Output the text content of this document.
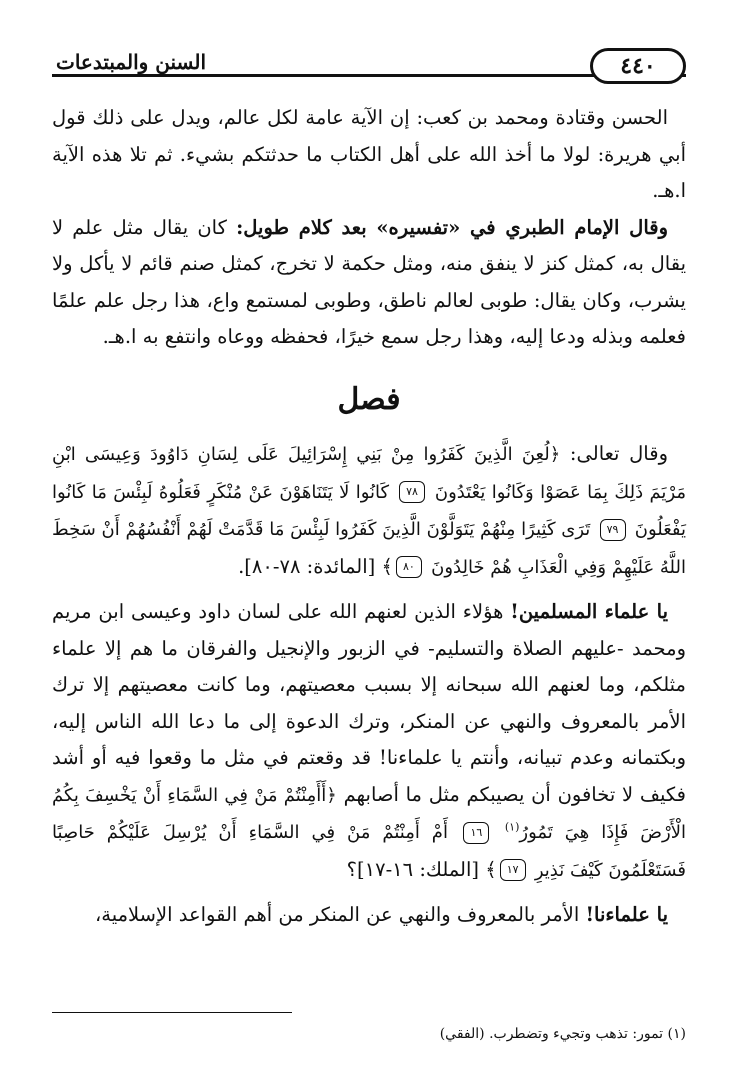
السنن والمبتدعات	٤٤٠

الحسن وقتادة ومحمد بن كعب: إن الآية عامة لكل عالم، ويدل على ذلك قول أبي هريرة: لولا ما أخذ الله على أهل الكتاب ما حدثتكم بشيء. ثم تلا هذه الآية ا.هـ.

وقال الإمام الطبري في «تفسيره» بعد كلام طويل: كان يقال مثل علم لا يقال به، كمثل كنز لا ينفق منه، ومثل حكمة لا تخرج، كمثل صنم قائم لا يأكل ولا يشرب، وكان يقال: طوبى لعالم ناطق، وطوبى لمستمع واع، هذا رجل علم علمًا فعلمه وبذله ودعا إليه، وهذا رجل سمع خيرًا، فحفظه ووعاه وانتفع به ا.هـ.

فصل

وقال تعالى: ﴿لُعِنَ الَّذِينَ كَفَرُوا مِنْ بَنِي إِسْرَائِيلَ عَلَى لِسَانِ دَاوُودَ وَعِيسَى ابْنِ مَرْيَمَ ذَلِكَ بِمَا عَصَوْا وَكَانُوا يَعْتَدُونَ ٧٨ كَانُوا لَا يَتَنَاهَوْنَ عَنْ مُنْكَرٍ فَعَلُوهُ لَبِئْسَ مَا كَانُوا يَفْعَلُونَ ٧٩ تَرَى كَثِيرًا مِنْهُمْ يَتَوَلَّوْنَ الَّذِينَ كَفَرُوا لَبِئْسَ مَا قَدَّمَتْ لَهُمْ أَنْفُسُهُمْ أَنْ سَخِطَ اللَّهُ عَلَيْهِمْ وَفِي الْعَذَابِ هُمْ خَالِدُونَ ٨٠﴾ [المائدة: ٧٨-٨٠].

يا علماء المسلمين! هؤلاء الذين لعنهم الله على لسان داود وعيسى ابن مريم ومحمد -عليهم الصلاة والتسليم- في الزبور والإنجيل والفرقان ما هم إلا علماء مثلكم، وما لعنهم الله سبحانه إلا بسبب معصيتهم، وما كانت معصيتهم إلا ترك الأمر بالمعروف والنهي عن المنكر، وترك الدعوة إلى ما دعا الله الناس إليه، وبكتمانه وعدم تبيانه، وأنتم يا علماءنا! قد وقعتم في مثل ما وقعوا فيه أو أشد فكيف لا تخافون أن يصيبكم مثل ما أصابهم ﴿أَأَمِنْتُمْ مَنْ فِي السَّمَاءِ أَنْ يَخْسِفَ بِكُمُ الْأَرْضَ فَإِذَا هِيَ تَمُورُ$^{(١)}$ ١٦ أَمْ أَمِنْتُمْ مَنْ فِي السَّمَاءِ أَنْ يُرْسِلَ عَلَيْكُمْ حَاصِبًا فَسَتَعْلَمُونَ كَيْفَ نَذِيرِ ١٧﴾ [الملك: ١٦-١٧]؟

يا علماءنا! الأمر بالمعروف والنهي عن المنكر من أهم القواعد الإسلامية،

(١) تمور: تذهب وتجيء وتضطرب. (الفقي)
